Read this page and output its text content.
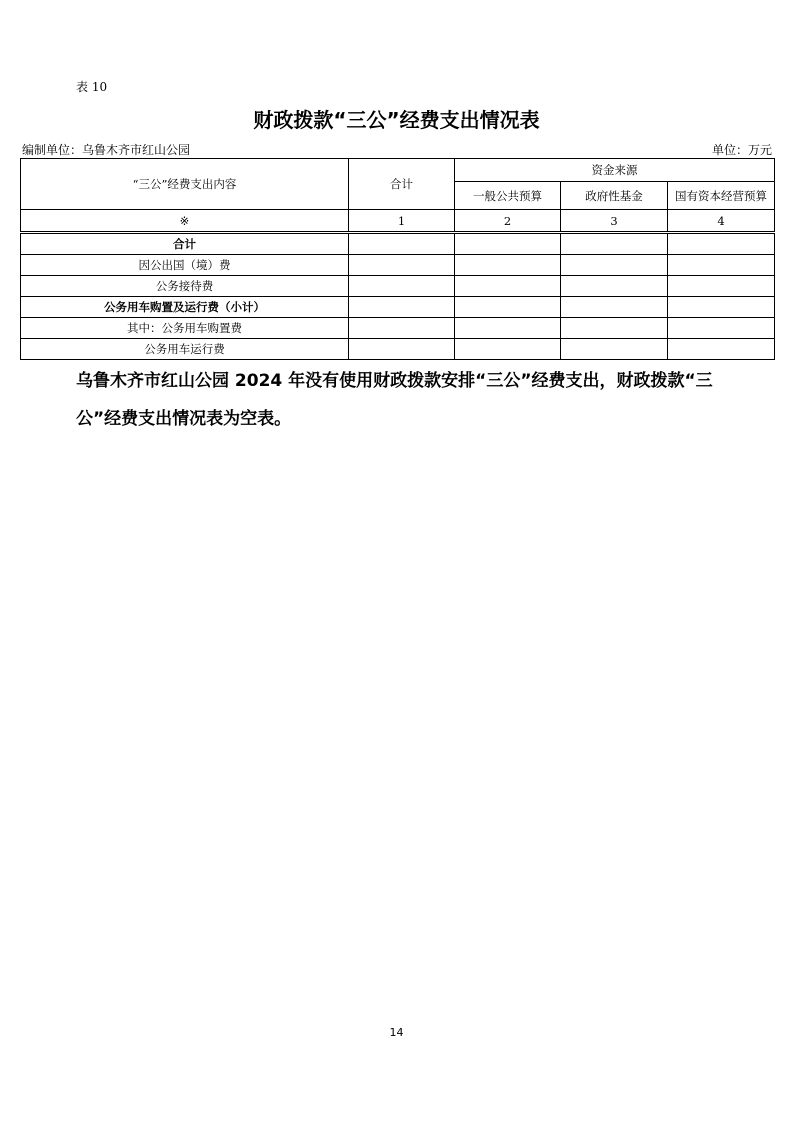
表 10
财政拨款“三公”经费支出情况表
编制单位：乌鲁木齐市红山公园	单位：万元
“三公”经费支出内容	合计	资金来源		
		一般公共预算	政府性基金	国有资本经营预算
※	1	2	3	4
合计				
因公出国（境）费				
公务接待费				
公务用车购置及运行费（小计）				
其中：公务用车购置费				
公务用车运行费				
乌鲁木齐市红山公园 2024 年没有使用财政拨款安排“三公”经费支出，财政拨款“三公”经费支出情况表为空表。
14
